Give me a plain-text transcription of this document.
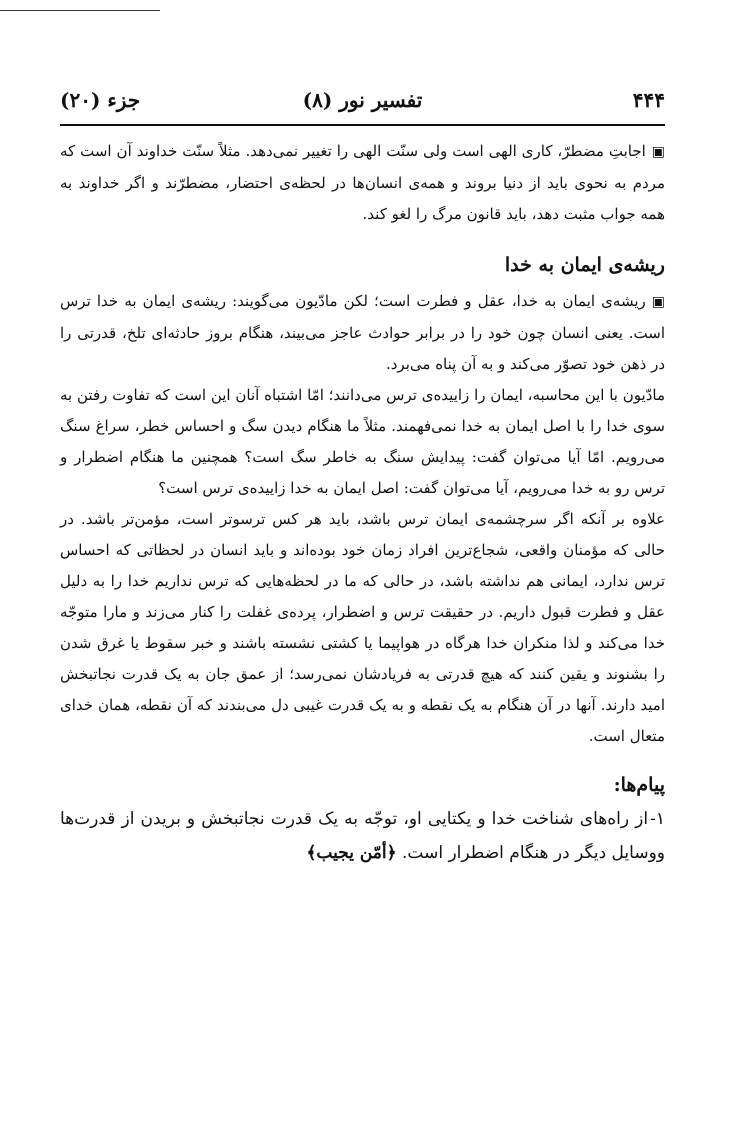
۴۴۴
تفسیر نور (۸)
جزء (۲۰)

▣ اجابتِ مضطرّ، کاری الهی است ولی سنّت الهی را تغییر نمی‌دهد. مثلاً سنّت خداوند آن است که مردم به نحوی باید از دنیا بروند و همه‌ی انسان‌ها در لحظه‌ی احتضار، مضطرّند و اگر خداوند به همه جواب مثبت دهد، باید قانون مرگ را لغو کند.

ریشه‌ی ایمان به خدا

▣ ریشه‌ی ایمان به خدا، عقل و فطرت است؛ لکن مادّیون می‌گویند: ریشه‌ی ایمان به خدا ترس است. یعنی انسان چون خود را در برابر حوادث عاجز می‌بیند، هنگام بروز حادثه‌ای تلخ، قدرتی را در ذهن خود تصوّر می‌کند و به آن پناه می‌برد.

مادّیون با این محاسبه، ایمان را زاییده‌ی ترس می‌دانند؛ امّا اشتباه آنان این است که تفاوت رفتن به سوی خدا را با اصل ایمان به خدا نمی‌فهمند. مثلاً ما هنگام دیدن سگ و احساس خطر، سراغ سنگ می‌رویم. امّا آیا می‌توان گفت: پیدایش سنگ به خاطر سگ است؟ همچنین ما هنگام اضطرار و ترس رو به خدا می‌رویم، آیا می‌توان گفت: اصل ایمان به خدا زاییده‌ی ترس است؟

علاوه بر آنکه اگر سرچشمه‌ی ایمان ترس باشد، باید هر کس ترسوتر است، مؤمن‌تر باشد. در حالی که مؤمنان واقعی، شجاع‌ترین افراد زمان خود بوده‌اند و باید انسان در لحظاتی که احساس ترس ندارد، ایمانی هم نداشته باشد، در حالی که ما در لحظه‌هایی که ترس نداریم خدا را به دلیل عقل و فطرت قبول داریم. در حقیقت ترس و اضطرار، پرده‌ی غفلت را کنار می‌زند و مارا متوجّه خدا می‌کند و لذا منکران خدا هرگاه در هواپیما یا کشتی نشسته باشند و خبر سقوط یا غرق شدن را بشنوند و یقین کنند که هیچ قدرتی به فریادشان نمی‌رسد؛ از عمق جان به یک قدرت نجاتبخش امید دارند. آنها در آن هنگام به یک نقطه و به یک قدرت غیبی دل می‌بندند که آن نقطه، همان خدای متعال است.

پیام‌ها:

۱-از راه‌های شناخت خدا و یکتایی او، توجّه به یک قدرت نجاتبخش و بریدن از قدرت‌ها ووسایل دیگر در هنگام اضطرار است. ﴿أمّن یجیب﴾
